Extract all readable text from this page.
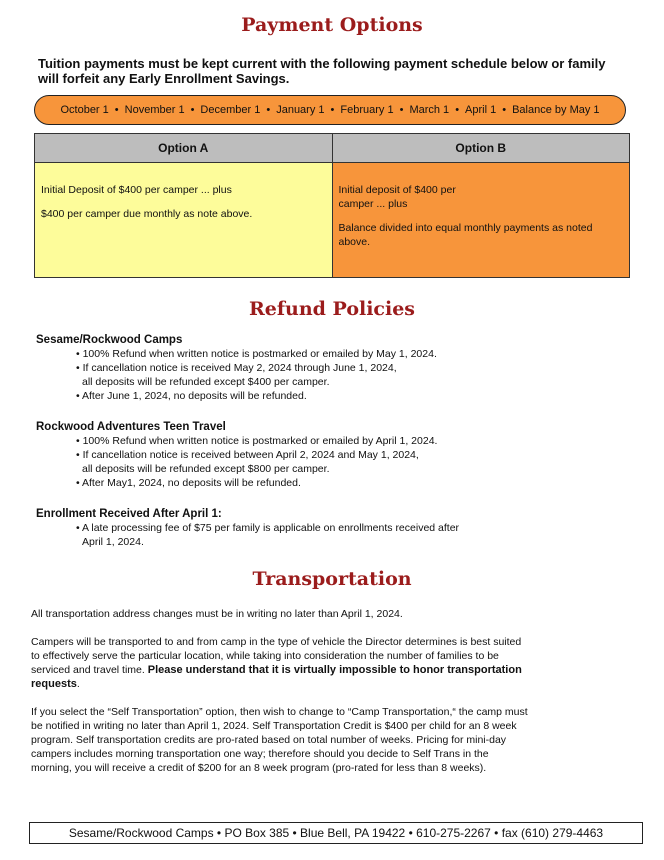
Payment Options
Tuition payments must be kept current with the following payment schedule below or family will forfeit any Early Enrollment Savings.
October 1 • November 1 • December 1 • January 1 • February 1 • March 1 • April 1 • Balance by May 1
Option A

Initial Deposit of $400 per camper ... plus

$400 per camper due monthly as note above.

Option B

Initial deposit of $400 per
camper ... plus

Balance divided into equal monthly payments as noted above.

Refund Policies
Sesame/Rockwood Camps
• 100% Refund when written notice is postmarked or emailed by May 1, 2024.
• If cancellation notice is received May 2, 2024 through June 1, 2024,
all deposits will be refunded except $400 per camper.
• After June 1, 2024, no deposits will be refunded.
Rockwood Adventures Teen Travel
• 100% Refund when written notice is postmarked or emailed by April 1, 2024.
• If cancellation notice is received between April 2, 2024 and May 1, 2024,
all deposits will be refunded except $800 per camper.
• After May1, 2024, no deposits will be refunded.
Enrollment Received After April 1:
• A late processing fee of $75 per family is applicable on enrollments received after
April 1, 2024.
Transportation

All transportation address changes must be in writing no later than April 1, 2024.

Campers will be transported to and from camp in the type of vehicle the Director determines is best suited to effectively serve the particular location, while taking into consideration the number of families to be serviced and travel time. Please understand that it is virtually impossible to honor transportation requests.

If you select the “Self Transportation” option, then wish to change to “Camp Transportation,“ the camp must be notified in writing no later than April 1, 2024. Self Transportation Credit is $400 per child for an 8 week program. Self transportation credits are pro-rated based on total number of weeks. Pricing for mini-day campers includes morning transportation one way; therefore should you decide to Self Trans in the morning, you will receive a credit of $200 for an 8 week program (pro-rated for less than 8 weeks).

Sesame/Rockwood Camps • PO Box 385 • Blue Bell, PA 19422 • 610-275-2267 • fax (610) 279-4463
